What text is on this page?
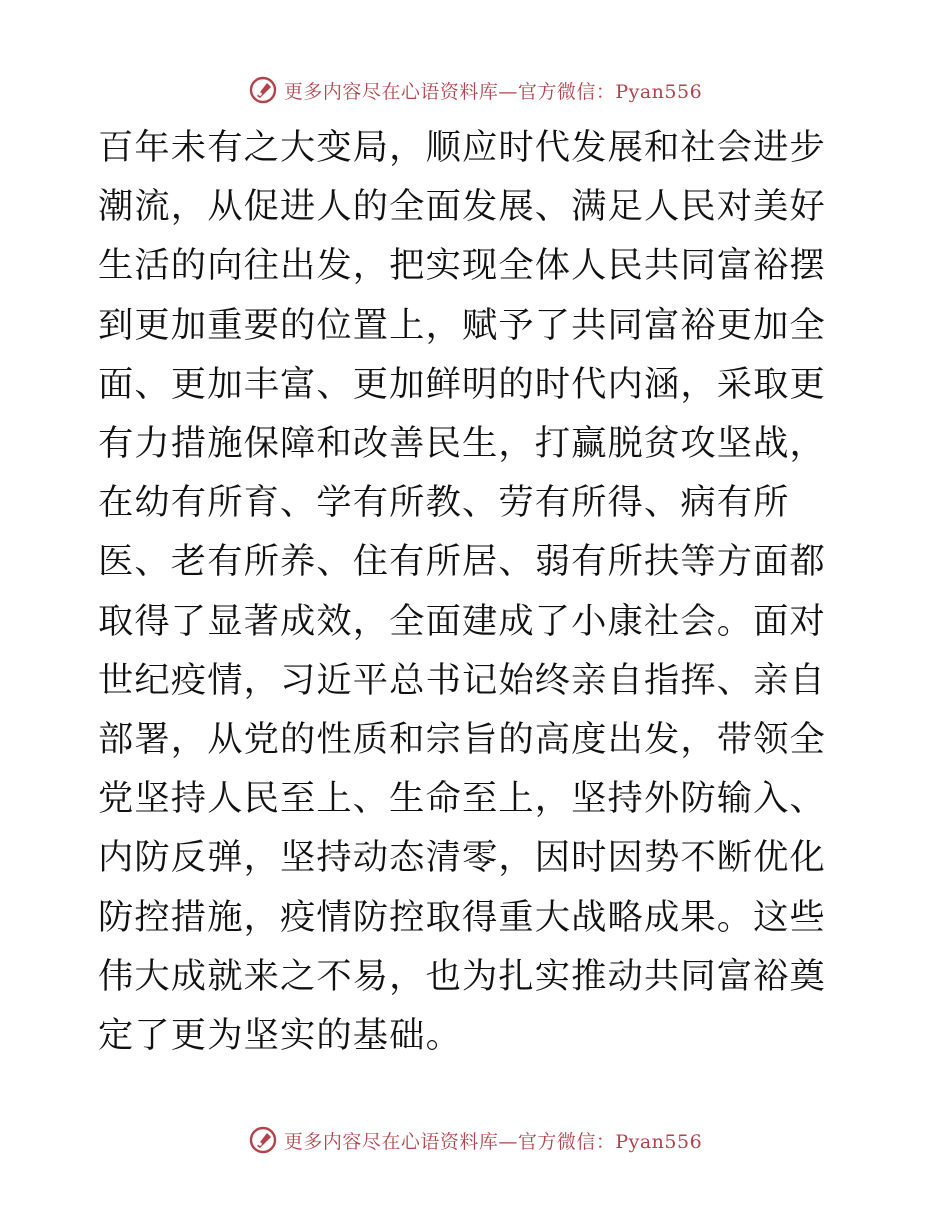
更多内容尽在心语资料库—官方微信：Pyan556

百年未有之大变局，顺应时代发展和社会进步潮流，从促进人的全面发展、满足人民对美好生活的向往出发，把实现全体人民共同富裕摆到更加重要的位置上，赋予了共同富裕更加全面、更加丰富、更加鲜明的时代内涵，采取更有力措施保障和改善民生，打赢脱贫攻坚战，在幼有所育、学有所教、劳有所得、病有所医、老有所养、住有所居、弱有所扶等方面都取得了显著成效，全面建成了小康社会。面对世纪疫情，习近平总书记始终亲自指挥、亲自部署，从党的性质和宗旨的高度出发，带领全党坚持人民至上、生命至上，坚持外防输入、内防反弹，坚持动态清零，因时因势不断优化防控措施，疫情防控取得重大战略成果。这些伟大成就来之不易，也为扎实推动共同富裕奠定了更为坚实的基础。

更多内容尽在心语资料库—官方微信：Pyan556
